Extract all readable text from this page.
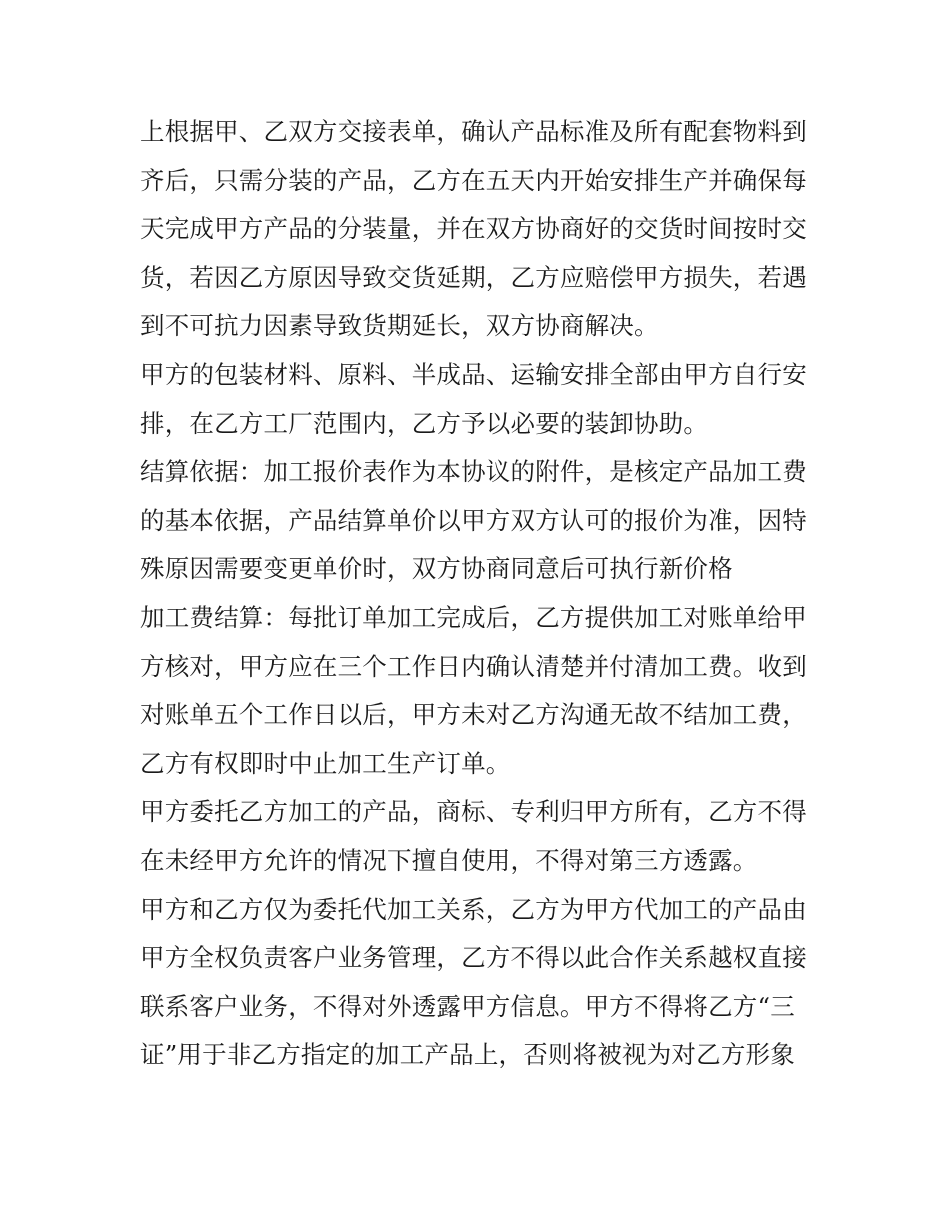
上根据甲、乙双方交接表单，确认产品标准及所有配套物料到
齐后，只需分装的产品，乙方在五天内开始安排生产并确保每
天完成甲方产品的分装量，并在双方协商好的交货时间按时交
货，若因乙方原因导致交货延期，乙方应赔偿甲方损失，若遇
到不可抗力因素导致货期延长，双方协商解决。
甲方的包装材料、原料、半成品、运输安排全部由甲方自行安
排，在乙方工厂范围内，乙方予以必要的装卸协助。
结算依据：加工报价表作为本协议的附件，是核定产品加工费
的基本依据，产品结算单价以甲方双方认可的报价为准，因特
殊原因需要变更单价时，双方协商同意后可执行新价格
加工费结算：每批订单加工完成后，乙方提供加工对账单给甲
方核对，甲方应在三个工作日内确认清楚并付清加工费。收到
对账单五个工作日以后，甲方未对乙方沟通无故不结加工费，
乙方有权即时中止加工生产订单。
甲方委托乙方加工的产品，商标、专利归甲方所有，乙方不得
在未经甲方允许的情况下擅自使用，不得对第三方透露。
甲方和乙方仅为委托代加工关系，乙方为甲方代加工的产品由
甲方全权负责客户业务管理，乙方不得以此合作关系越权直接
联系客户业务，不得对外透露甲方信息。甲方不得将乙方“三
证”用于非乙方指定的加工产品上，否则将被视为对乙方形象
